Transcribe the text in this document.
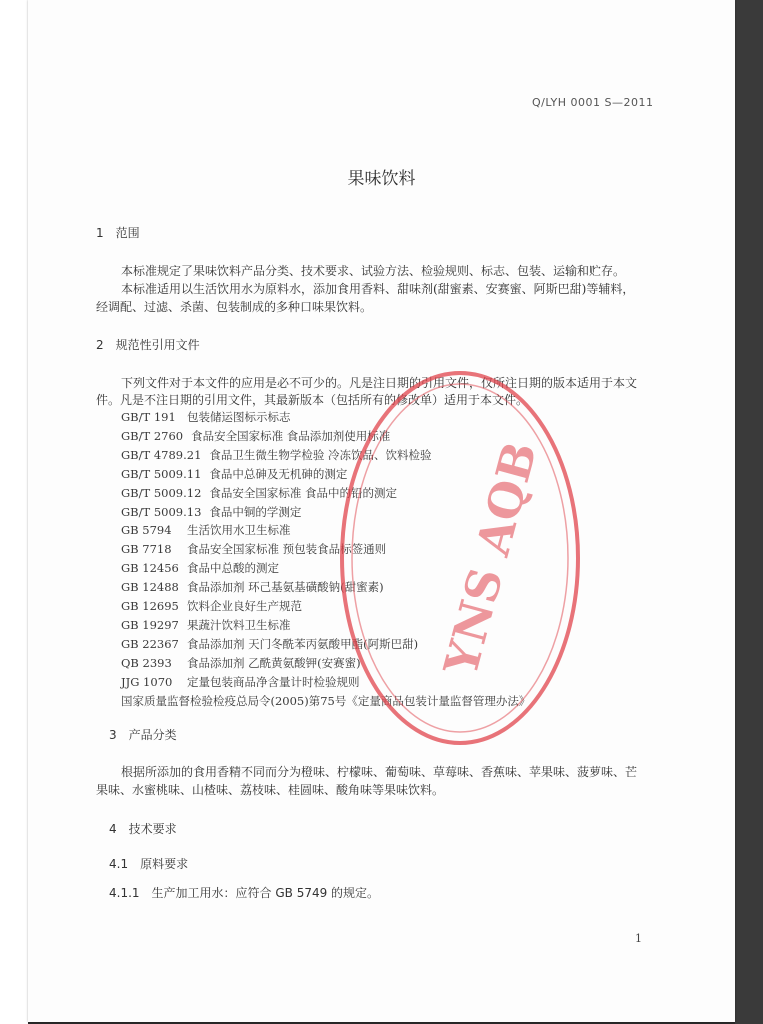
Q/LYH 0001 S—2011
果味饮料
1　范围
本标准规定了果味饮料产品分类、技术要求、试验方法、检验规则、标志、包装、运输和贮存。
本标准适用以生活饮用水为原料水，添加食用香料、甜味剂(甜蜜素、安赛蜜、阿斯巴甜)等辅料，
经调配、过滤、杀菌、包装制成的多种口味果饮料。
2　规范性引用文件
下列文件对于本文件的应用是必不可少的。凡是注日期的引用文件，仅所注日期的版本适用于本文
件。凡是不注日期的引用文件，其最新版本（包括所有的修改单）适用于本文件。
GB/T 191 包装储运图标示标志
GB/T 2760 食品安全国家标准 食品添加剂使用标准
GB/T 4789.21 食品卫生微生物学检验 冷冻饮品、饮料检验
GB/T 5009.11 食品中总砷及无机砷的测定
GB/T 5009.12 食品安全国家标准 食品中的铅的测定
GB/T 5009.13 食品中铜的学测定
GB 5794 生活饮用水卫生标准
GB 7718 食品安全国家标准 预包装食品标签通则
GB 12456 食品中总酸的测定
GB 12488 食品添加剂 环己基氨基磺酸钠(甜蜜素)
GB 12695 饮料企业良好生产规范
GB 19297 果蔬汁饮料卫生标准
GB 22367 食品添加剂 天门冬酰苯丙氨酸甲酯(阿斯巴甜)
QB 2393 食品添加剂 乙酰黄氨酸钾(安赛蜜)
JJG 1070 定量包装商品净含量计时检验规则
国家质量监督检验检疫总局令(2005)第75号《定量商品包装计量监督管理办法》
3　产品分类
根据所添加的食用香精不同而分为橙味、柠檬味、葡萄味、草莓味、香蕉味、苹果味、菠萝味、芒
果味、水蜜桃味、山楂味、荔枝味、桂圆味、酸角味等果味饮料。
4　技术要求
4.1　原料要求
4.1.1　生产加工用水：应符合 GB 5749 的规定。
1
YNS AQB
